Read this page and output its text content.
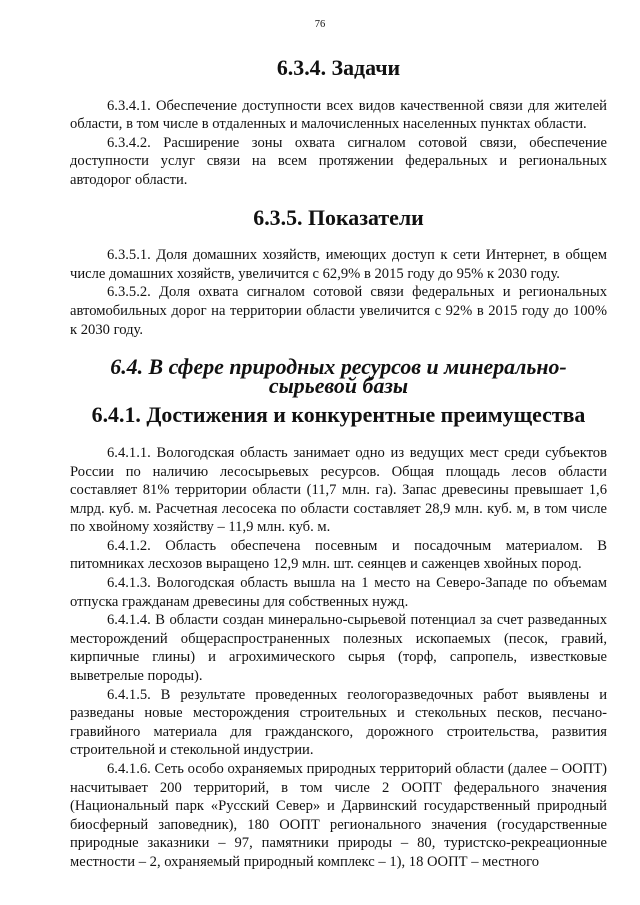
76
6.3.4. Задачи

6.3.4.1. Обеспечение доступности всех видов качественной связи для жителей области, в том числе в отдаленных и малочисленных населенных пунктах области.

6.3.4.2. Расширение зоны охвата сигналом сотовой связи, обеспечение доступности услуг связи на всем протяжении федеральных и региональных автодорог области.

6.3.5. Показатели

6.3.5.1. Доля домашних хозяйств, имеющих доступ к сети Интернет, в общем числе домашних хозяйств, увеличится с 62,9% в 2015 году до 95% к 2030 году.

6.3.5.2. Доля охвата сигналом сотовой связи федеральных и региональных автомобильных дорог на территории области увеличится с 92% в 2015 году до 100% к 2030 году.

6.4. В сфере природных ресурсов и минерально-сырьевой базы
6.4.1. Достижения и конкурентные преимущества

6.4.1.1. Вологодская область занимает одно из ведущих мест среди субъектов России по наличию лесосырьевых ресурсов. Общая площадь лесов области составляет 81% территории области (11,7 млн. га). Запас древесины превышает 1,6 млрд. куб. м. Расчетная лесосека по области составляет 28,9 млн. куб. м, в том числе по хвойному хозяйству – 11,9 млн. куб. м.

6.4.1.2. Область обеспечена посевным и посадочным материалом. В питомниках лесхозов выращено 12,9 млн. шт. сеянцев и саженцев хвойных пород.

6.4.1.3. Вологодская область вышла на 1 место на Северо-Западе по объемам отпуска гражданам древесины для собственных нужд.

6.4.1.4. В области создан минерально-сырьевой потенциал за счет разведанных месторождений общераспространенных полезных ископаемых (песок, гравий, кирпичные глины) и агрохимического сырья (торф, сапропель, известковые выветрелые породы).

6.4.1.5. В результате проведенных геологоразведочных работ выявлены и разведаны новые месторождения строительных и стекольных песков, песчано-гравийного материала для гражданского, дорожного строительства, развития строительной и стекольной индустрии.

6.4.1.6. Сеть особо охраняемых природных территорий области (далее – ООПТ) насчитывает 200 территорий, в том числе 2 ООПТ федерального значения (Национальный парк «Русский Север» и Дарвинский государственный природный биосферный заповедник), 180 ООПТ регионального значения (государственные природные заказники – 97, памятники природы – 80, туристско-рекреационные местности – 2, охраняемый природный комплекс – 1), 18 ООПТ – местного
